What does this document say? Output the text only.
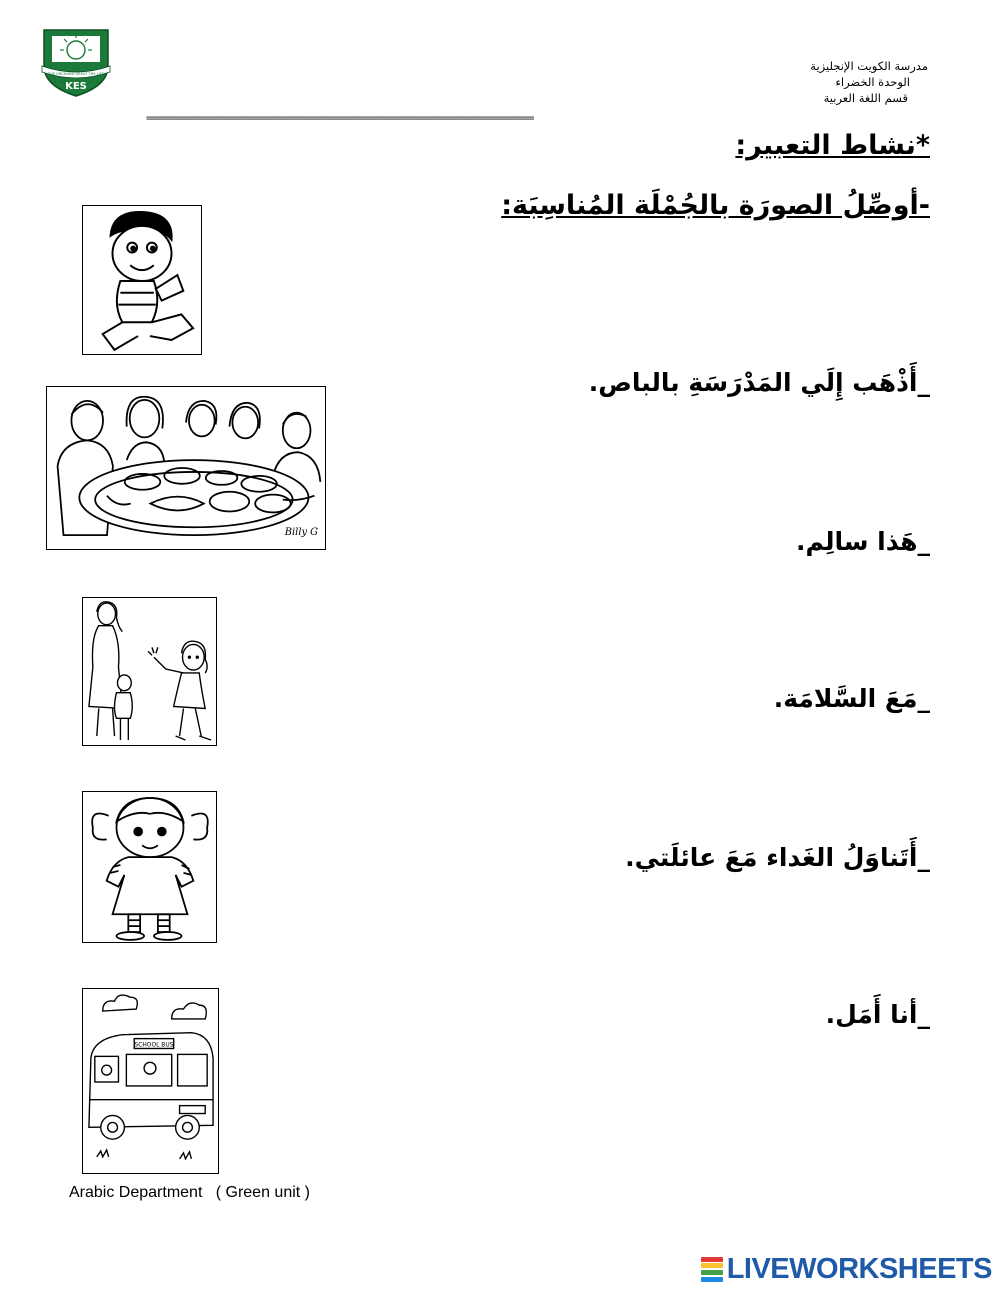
THE ORCHARD GREAT THE LIFE
KES
مدرسة الكويت الإنجليزية
الوحدة الخضراء
قسم اللغة العربية
==================================================================================
*نشاط التعبير:
-أوصِّلُ الصورَة بالجُمْلَة المُناسِبَة:
_أَذْهَب إِلَي المَدْرَسَةِ بالباص.
_هَذا سالِم.
_مَعَ السَّلامَة.
_أَتَناوَلُ الغَداء مَعَ عائلَتي.
_أنا أَمَل.
Billy G
SCHOOL BUS
Arabic Department   ( Green unit )
LIVEWORKSHEETS
